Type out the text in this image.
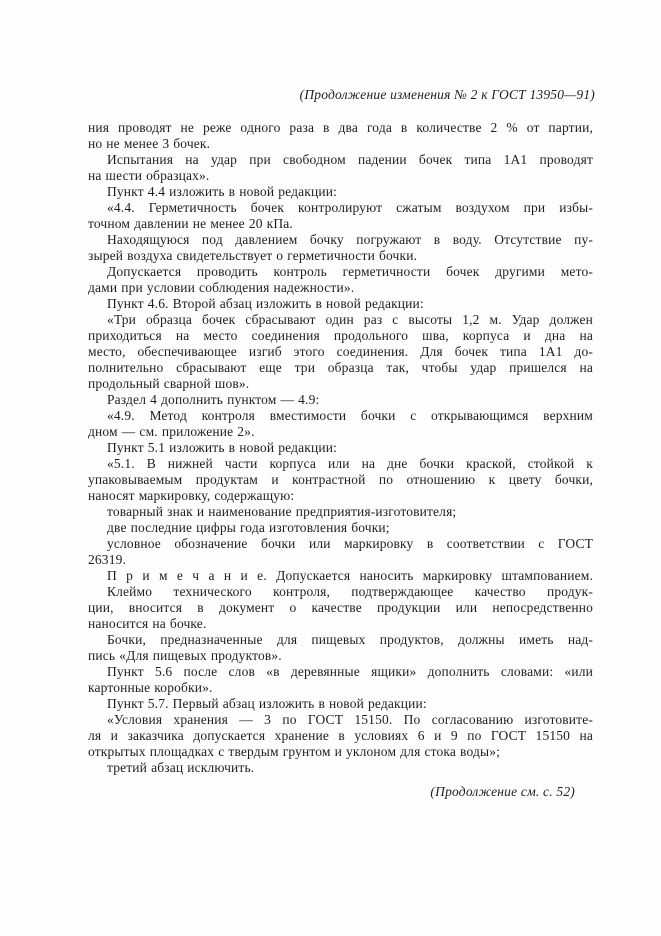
(Продолжение изменения № 2 к ГОСТ 13950—91)
ния проводят не реже одного раза в два года в количестве 2 % от партии,
но не менее 3 бочек.
Испытания на удар при свободном падении бочек типа 1А1 проводят
на шести образцах».
Пункт 4.4 изложить в новой редакции:
«4.4. Герметичность бочек контролируют сжатым воздухом при избы-
точном давлении не менее 20 кПа.
Находящуюся под давлением бочку погружают в воду. Отсутствие пу-
зырей воздуха свидетельствует о герметичности бочки.
Допускается проводить контроль герметичности бочек другими мето-
дами при условии соблюдения надежности».
Пункт 4.6. Второй абзац изложить в новой редакции:
«Три образца бочек сбрасывают один раз с высоты 1,2 м. Удар должен
приходиться на место соединения продольного шва, корпуса и дна на
место, обеспечивающее изгиб этого соединения. Для бочек типа 1А1 до-
полнительно сбрасывают еще три образца так, чтобы удар пришелся на
продольный сварной шов».
Раздел 4 дополнить пунктом — 4.9:
«4.9. Метод контроля вместимости бочки с открывающимся верхним
дном — см. приложение 2».
Пункт 5.1 изложить в новой редакции:
«5.1. В нижней части корпуса или на дне бочки краской, стойкой к
упаковываемым продуктам и контрастной по отношению к цвету бочки,
наносят маркировку, содержащую:
товарный знак и наименование предприятия-изготовителя;
две последние цифры года изготовления бочки;
условное обозначение бочки или маркировку в соответствии с ГОСТ
26319.
П р и м е ч а н и е. Допускается наносить маркировку штампованием.
Клеймо технического контроля, подтверждающее качество продук-
ции, вносится в документ о качестве продукции или непосредственно
наносится на бочке.
Бочки, предназначенные для пищевых продуктов, должны иметь над-
пись «Для пищевых продуктов».
Пункт 5.6 после слов «в деревянные ящики» дополнить словами: «или
картонные коробки».
Пункт 5.7. Первый абзац изложить в новой редакции:
«Условия хранения — 3 по ГОСТ 15150. По согласованию изготовите-
ля и заказчика допускается хранение в условиях 6 и 9 по ГОСТ 15150 на
открытых площадках с твердым грунтом и уклоном для стока воды»;
третий абзац исключить.
(Продолжение см. с. 52)
